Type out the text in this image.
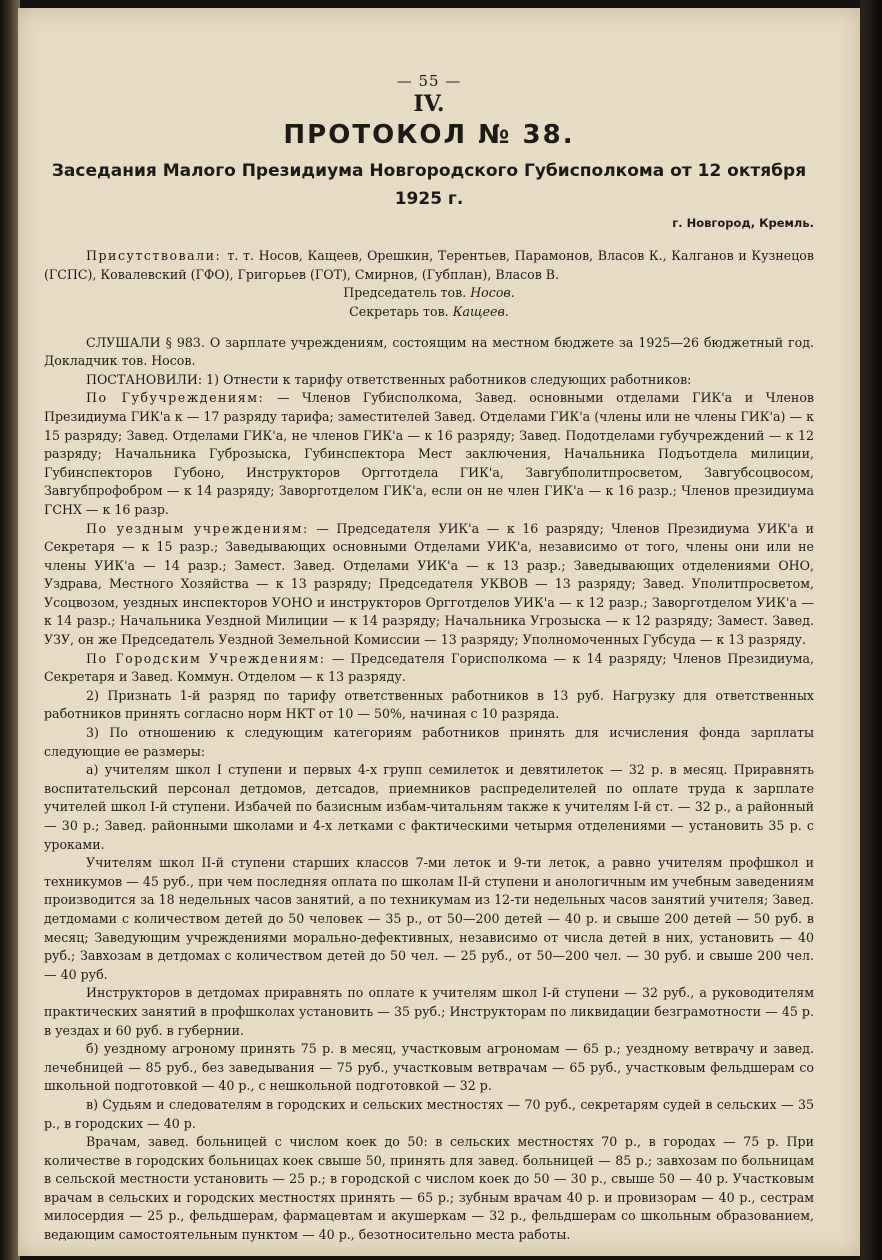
— 55 —
IV.
ПРОТОКОЛ № 38.
Заседания Малого Президиума Новгородского Губисполкома от 12 октября 1925 г.
г. Новгород, Кремль.

Присутствовали: т. т. Носов, Кащеев, Орешкин, Терентьев, Парамонов, Власов К., Калганов и Кузнецов (ГСПС), Ковалевский (ГФО), Григорьев (ГОТ), Смирнов, (Губплан), Власов В.

Председатель тов. Носов.

Секретарь тов. Кащеев.

СЛУШАЛИ § 983. О зарплате учреждениям, состоящим на местном бюджете за 1925—26 бюджетный год. Докладчик тов. Носов.

ПОСТАНОВИЛИ: 1) Отнести к тарифу ответственных работников следующих работников:

По Губучреждениям: — Членов Губисполкома, Завед. основными отделами ГИК'а и Членов Президиума ГИК'а к — 17 разряду тарифа; заместителей Завед. Отделами ГИК'а (члены или не члены ГИК'а) — к 15 разряду; Завед. Отделами ГИК'а, не членов ГИК'а — к 16 разряду; Завед. Подотделами губучреждений — к 12 разряду; Начальника Губрозыска, Губинспектора Мест заключения, Начальника Подъотдела милиции, Губинспекторов Губоно, Инструкторов Оргготдела ГИК'а, Завгубполитпросветом, Завгубсоцвосом, Завгубпрофобром — к 14 разряду; Заворготделом ГИК'а, если он не член ГИК'а — к 16 разр.; Членов президиума ГСНХ — к 16 разр.

По уездным учреждениям: — Председателя УИК'а — к 16 разряду; Членов Президиума УИК'а и Секретаря — к 15 разр.; Заведывающих основными Отделами УИК'а, независимо от того, члены они или не члены УИК'а — 14 разр.; Замест. Завед. Отделами УИК'а — к 13 разр.; Заведывающих отделениями ОНО, Уздрава, Местного Хозяйства — к 13 разряду; Председателя УКВОВ — 13 разряду; Завед. Уполитпросветом, Усоцвозом, уездных инспекторов УОНО и инструкторов Оргготделов УИК'а — к 12 разр.; Заворготделом УИК'а — к 14 разр.; Начальника Уездной Милиции — к 14 разряду; Начальника Угрозыска — к 12 разряду; Замест. Завед. УЗУ, он же Председатель Уездной Земельной Комиссии — 13 разряду; Уполномоченных Губсуда — к 13 разряду.

По Городским Учреждениям: — Председателя Горисполкома — к 14 разряду; Членов Президиума, Секретаря и Завед. Коммун. Отделом — к 13 разряду.

2) Признать 1-й разряд по тарифу ответственных работников в 13 руб. Нагрузку для ответственных работников принять согласно норм НКТ от 10 — 50%, начиная с 10 разряда.

3) По отношению к следующим категориям работников принять для исчисления фонда зарплаты следующие ее размеры:

а) учителям школ I ступени и первых 4-х групп семилеток и девятилеток — 32 р. в месяц. Приравнять воспитательский персонал детдомов, детсадов, приемников распределителей по оплате труда к зарплате учителей школ I-й ступени. Избачей по базисным избам-читальням также к учителям I-й ст. — 32 р., а районный — 30 р.; Завед. районными школами и 4-х летками с фактическими четырмя отделениями — установить 35 р. с уроками.

Учителям школ II-й ступени старших классов 7-ми леток и 9-ти леток, а равно учителям профшкол и техникумов — 45 руб., при чем последняя оплата по школам II-й ступени и анологичным им учебным заведениям производится за 18 недельных часов занятий, а по техникумам из 12-ти недельных часов занятий учителя; Завед. детдомами с количеством детей до 50 человек — 35 р., от 50—200 детей — 40 р. и свыше 200 детей — 50 руб. в месяц; Заведующим учреждениями морально-дефективных, независимо от числа детей в них, установить — 40 руб.; Завхозам в детдомах с количеством детей до 50 чел. — 25 руб., от 50—200 чел. — 30 руб. и свыше 200 чел. — 40 руб.

Инструкторов в детдомах приравнять по оплате к учителям школ I-й ступени — 32 руб., а руководителям практических занятий в профшколах установить — 35 руб.; Инструкторам по ликвидации безграмотности — 45 р. в уездах и 60 руб. в губернии.

б) уездному агроному принять 75 р. в месяц, участковым агрономам — 65 р.; уездному ветврачу и завед. лечебницей — 85 руб., без заведывания — 75 руб., участковым ветврачам — 65 руб., участковым фельдшерам со школьной подготовкой — 40 р., с нешкольной подготовкой — 32 р.

в) Судьям и следователям в городских и сельских местностях — 70 руб., секретарям судей в сельских — 35 р., в городских — 40 р.

Врачам, завед. больницей с числом коек до 50: в сельских местностях 70 р., в городах — 75 р. При количестве в городских больницах коек свыше 50, принять для завед. больницей — 85 р.; завхозам по больницам в сельской местности установить — 25 р.; в городской с числом коек до 50 — 30 р., свыше 50 — 40 р. Участковым врачам в сельских и городских местностях принять — 65 р.; зубным врачам 40 р. и провизорам — 40 р., сестрам милосердия — 25 р., фельдшерам, фармацевтам и акушеркам — 32 р., фельдшерам со школьным образованием, ведающим самостоятельным пунктом — 40 р., безотносительно места работы.
